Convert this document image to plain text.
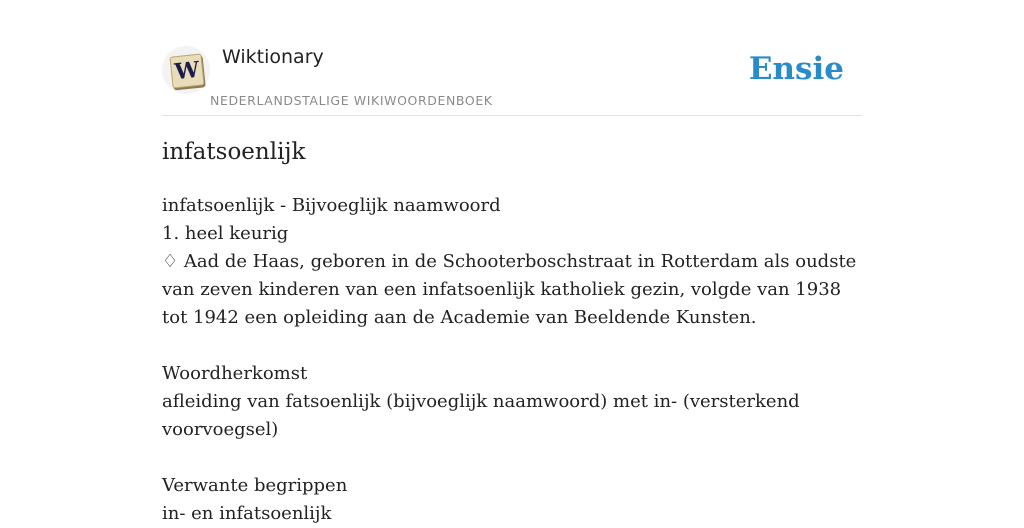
W Wiktionary
NEDERLANDSTALIGE WIKIWOORDENBOEK
Ensie
infatsoenlijk

infatsoenlijk - Bijvoeglijk naamwoord

1. heel keurig

♢ Aad de Haas, geboren in de Schooterboschstraat in Rotterdam als oudste van zeven kinderen van een infatsoenlijk katholiek gezin, volgde van 1938 tot 1942 een opleiding aan de Academie van Beeldende Kunsten.

Woordherkomst

afleiding van fatsoenlijk (bijvoeglijk naamwoord) met in- (versterkend voorvoegsel)

Verwante begrippen

in- en infatsoenlijk
